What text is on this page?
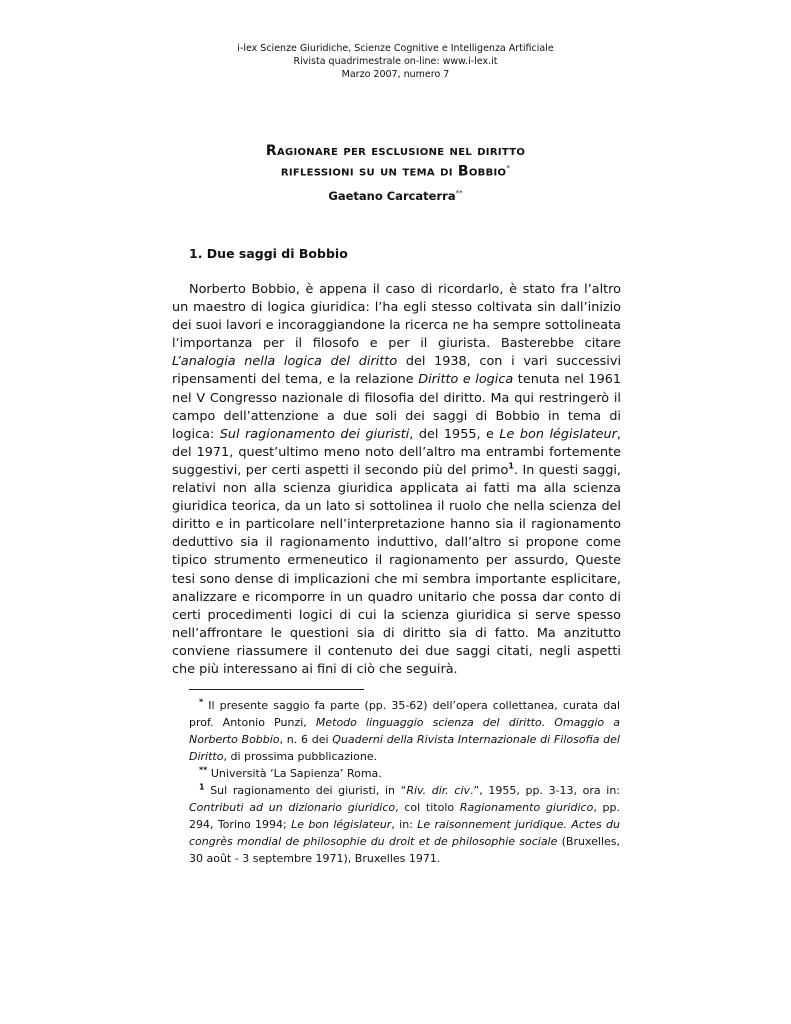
i-lex Scienze Giuridiche, Scienze Cognitive e Intelligenza Artificiale
Rivista quadrimestrale on-line: www.i-lex.it
Marzo 2007, numero 7
Ragionare per esclusione nel diritto
riflessioni su un tema di Bobbio*
Gaetano Carcaterra**
1. Due saggi di Bobbio

Norberto Bobbio, è appena il caso di ricordarlo, è stato fra l’altro un maestro di logica giuridica: l’ha egli stesso coltivata sin dall’inizio dei suoi lavori e incoraggiandone la ricerca ne ha sempre sottolineata l’importanza per il filosofo e per il giurista. Basterebbe citare L’analogia nella logica del diritto del 1938, con i vari successivi ripensamenti del tema, e la relazione Diritto e logica tenuta nel 1961 nel V Congresso nazionale di filosofia del diritto. Ma qui restringerò il campo dell’attenzione a due soli dei saggi di Bobbio in tema di logica: Sul ragionamento dei giuristi, del 1955, e Le bon législateur, del 1971, quest’ultimo meno noto dell’altro ma entrambi fortemente suggestivi, per certi aspetti il secondo più del primo$^1$. In questi saggi, relativi non alla scienza giuridica applicata ai fatti ma alla scienza giuridica teorica, da un lato si sottolinea il ruolo che nella scienza del diritto e in particolare nell’interpretazione hanno sia il ragionamento deduttivo sia il ragionamento induttivo, dall’altro si propone come tipico strumento ermeneutico il ragionamento per assurdo, Queste tesi sono dense di implicazioni che mi sembra importante esplicitare, analizzare e ricomporre in un quadro unitario che possa dar conto di certi procedimenti logici di cui la scienza giuridica si serve spesso nell’affrontare le questioni sia di diritto sia di fatto. Ma anzitutto conviene riassumere il contenuto dei due saggi citati, negli aspetti che più interessano ai fini di ciò che seguirà.

* Il presente saggio fa parte (pp. 35-62) dell’opera collettanea, curata dal prof. Antonio Punzi, Metodo linguaggio scienza del diritto. Omaggio a Norberto Bobbio, n. 6 dei Quaderni della Rivista Internazionale di Filosofia del Diritto, di prossima pubblicazione.

** Università ‘La Sapienza’ Roma.

$^1$ Sul ragionamento dei giuristi, in “Riv. dir. civ.”, 1955, pp. 3-13, ora in: Contributi ad un dizionario giuridico, col titolo Ragionamento giuridico, pp. 294, Torino 1994; Le bon législateur, in: Le raisonnement juridique. Actes du congrès mondial de philosophie du droit et de philosophie sociale (Bruxelles, 30 août - 3 septembre 1971), Bruxelles 1971.
